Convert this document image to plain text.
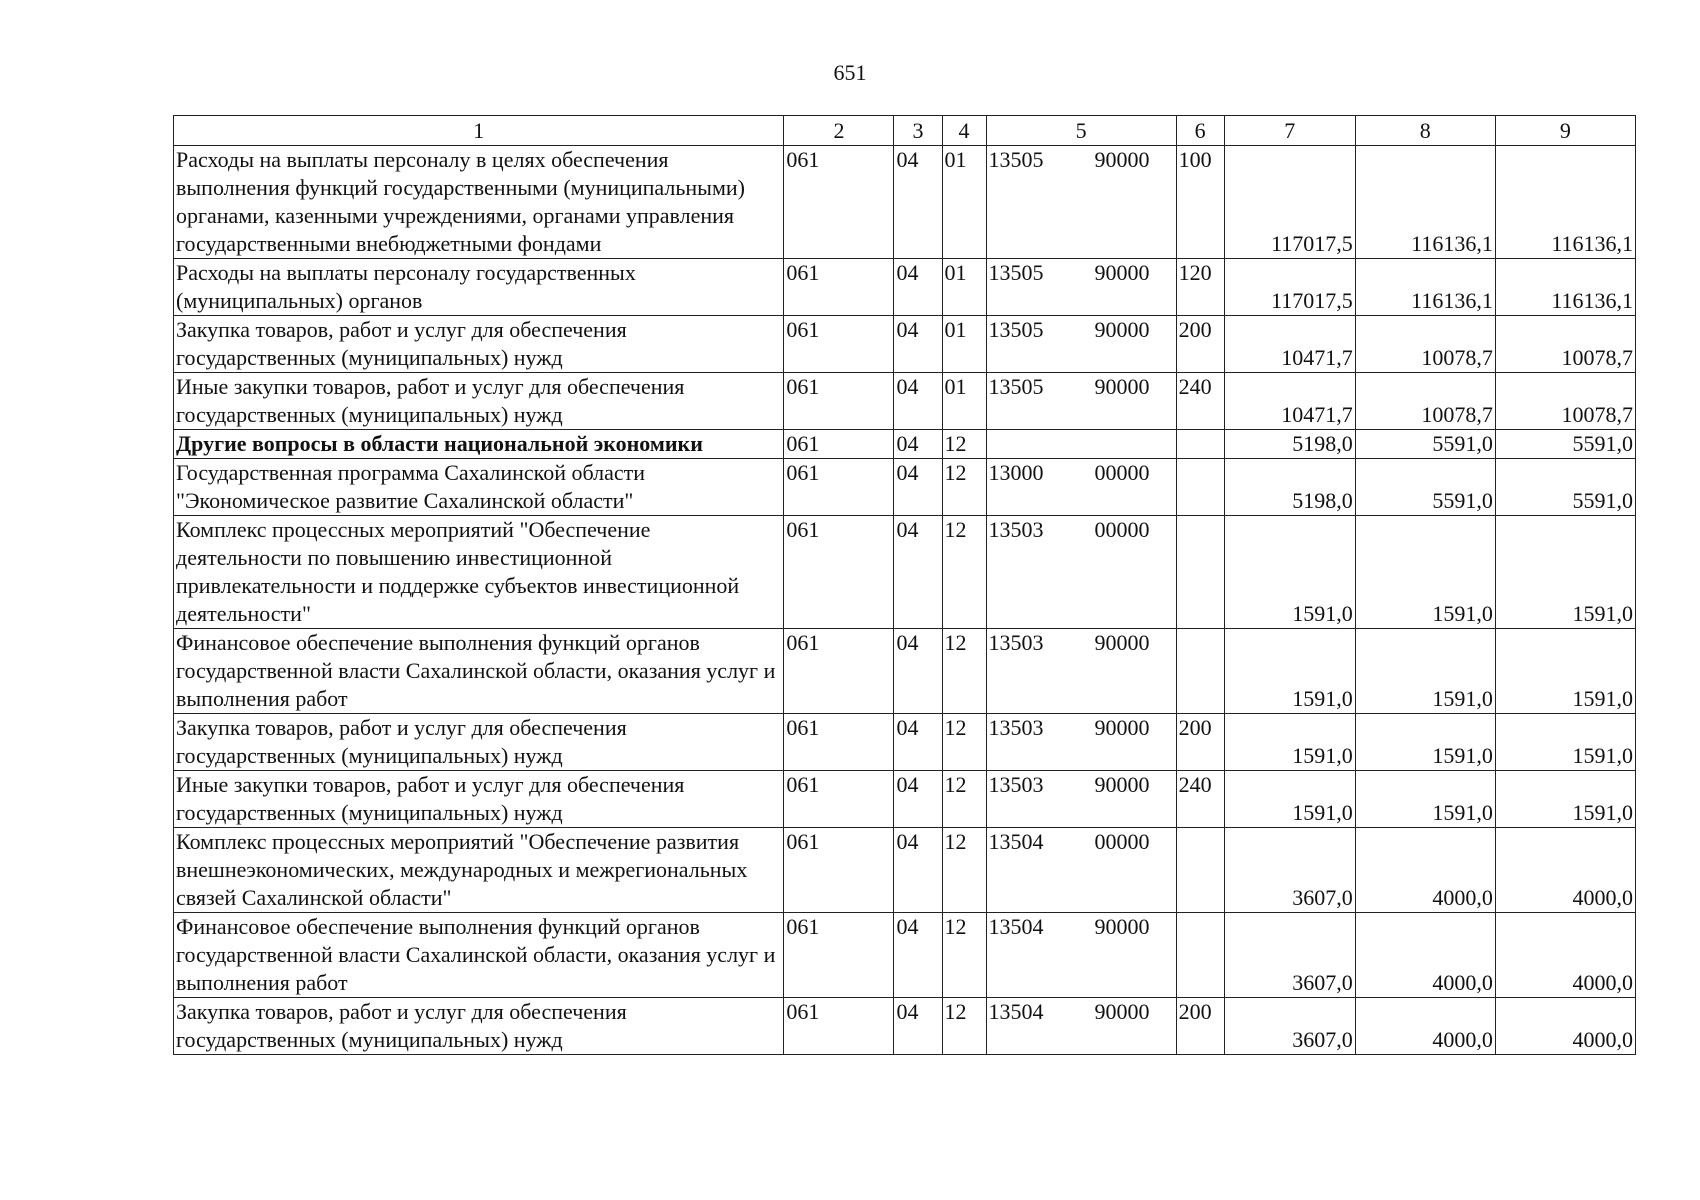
651
1	2	3	4	5	6	7	8	9
Расходы на выплаты персоналу в целях обеспечения выполнения функций государственными (муниципальными) органами, казенными учреждениями, органами управления государственными внебюджетными фондами	061	04	01	13505 90000	100	117017,5	116136,1	116136,1
Расходы на выплаты персоналу государственных (муниципальных) органов	061	04	01	13505 90000	120	117017,5	116136,1	116136,1
Закупка товаров, работ и услуг для обеспечения государственных (муниципальных) нужд	061	04	01	13505 90000	200	10471,7	10078,7	10078,7
Иные закупки товаров, работ и услуг для обеспечения государственных (муниципальных) нужд	061	04	01	13505 90000	240	10471,7	10078,7	10078,7
Другие вопросы в области национальной экономики	061	04	12			5198,0	5591,0	5591,0
Государственная программа Сахалинской области "Экономическое развитие Сахалинской области"	061	04	12	13000 00000		5198,0	5591,0	5591,0
Комплекс процессных мероприятий "Обеспечение деятельности по повышению инвестиционной привлекательности и поддержке субъектов инвестиционной деятельности"	061	04	12	13503 00000		1591,0	1591,0	1591,0
Финансовое обеспечение выполнения функций органов государственной власти Сахалинской области, оказания услуг и выполнения работ	061	04	12	13503 90000		1591,0	1591,0	1591,0
Закупка товаров, работ и услуг для обеспечения государственных (муниципальных) нужд	061	04	12	13503 90000	200	1591,0	1591,0	1591,0
Иные закупки товаров, работ и услуг для обеспечения государственных (муниципальных) нужд	061	04	12	13503 90000	240	1591,0	1591,0	1591,0
Комплекс процессных мероприятий "Обеспечение развития внешнеэкономических, международных и межрегиональных связей Сахалинской области"	061	04	12	13504 00000		3607,0	4000,0	4000,0
Финансовое обеспечение выполнения функций органов государственной власти Сахалинской области, оказания услуг и выполнения работ	061	04	12	13504 90000		3607,0	4000,0	4000,0
Закупка товаров, работ и услуг для обеспечения государственных (муниципальных) нужд	061	04	12	13504 90000	200	3607,0	4000,0	4000,0
